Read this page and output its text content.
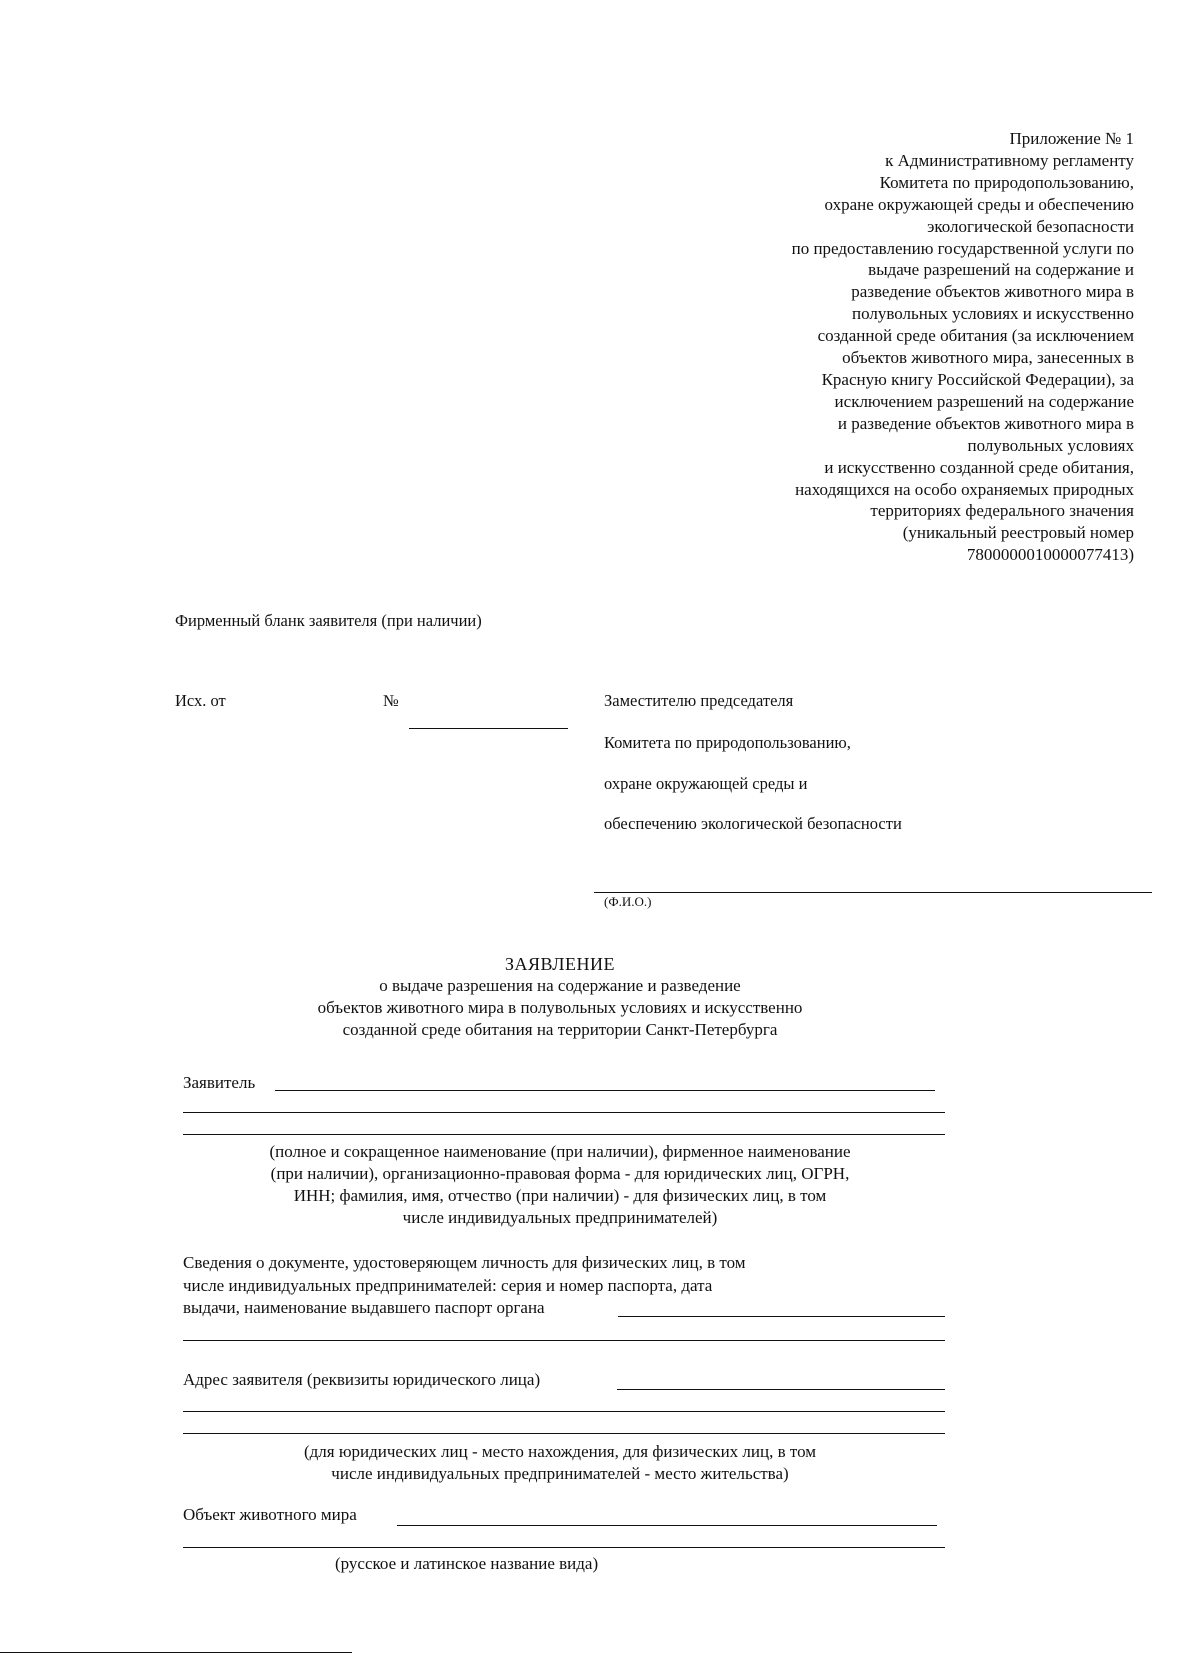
Приложение № 1
к Административному регламенту
Комитета по природопользованию,
охране окружающей среды и обеспечению
экологической безопасности
по предоставлению государственной услуги по
выдаче разрешений на содержание и
разведение объектов животного мира в
полувольных условиях и искусственно
созданной среде обитания (за исключением
объектов животного мира, занесенных в
Красную книгу Российской Федерации), за
исключением разрешений на содержание
и разведение объектов животного мира в
полувольных условиях
и искусственно созданной среде обитания,
находящихся на особо охраняемых природных
территориях федерального значения
(уникальный реестровый номер
7800000010000077413)
Фирменный бланк заявителя (при наличии)
Исх. от	№	Заместителю председателя
Комитета по природопользованию,
охране окружающей среды и
обеспечению экологической безопасности
(Ф.И.О.)
ЗАЯВЛЕНИЕ
о выдаче разрешения на содержание и разведение
объектов животного мира в полувольных условиях и искусственно
созданной среде обитания на территории Санкт-Петербурга
Заявитель
(полное и сокращенное наименование (при наличии), фирменное наименование
(при наличии), организационно-правовая форма - для юридических лиц, ОГРН,
ИНН; фамилия, имя, отчество (при наличии) - для физических лиц, в том
числе индивидуальных предпринимателей)
Сведения о документе, удостоверяющем личность для физических лиц, в том
числе индивидуальных предпринимателей: серия и номер паспорта, дата
выдачи, наименование выдавшего паспорт органа
Адрес заявителя (реквизиты юридического лица)
(для юридических лиц - место нахождения, для физических лиц, в том
числе индивидуальных предпринимателей - место жительства)
Объект животного мира
(русское и латинское название вида)
